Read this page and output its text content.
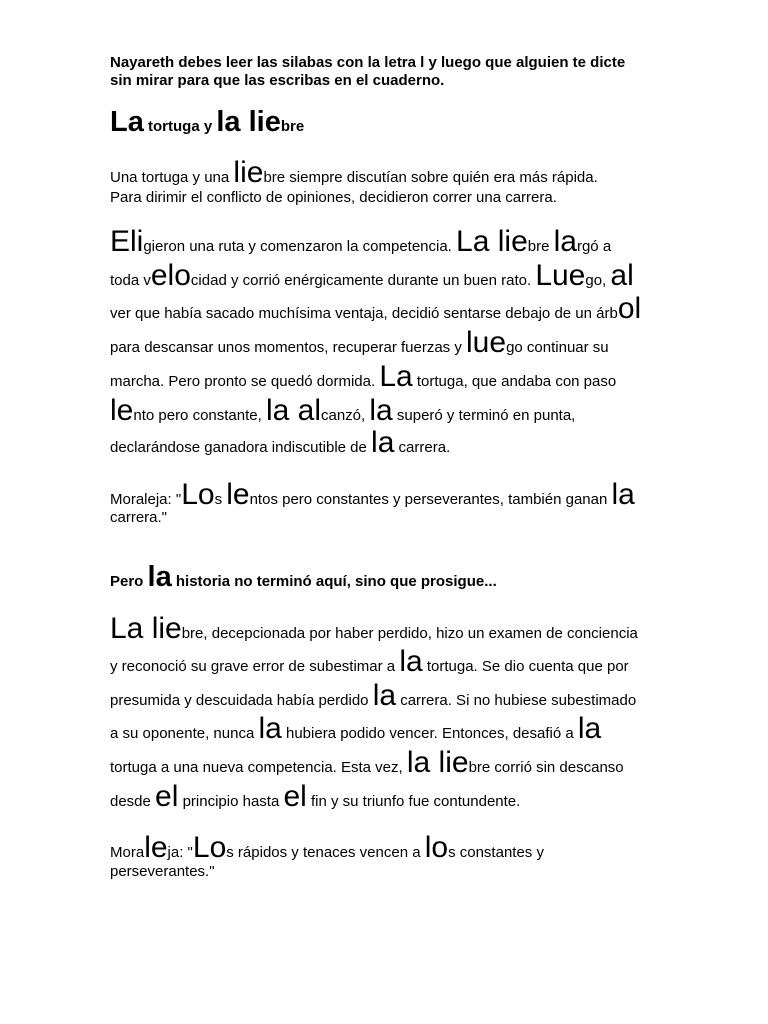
Nayareth debes leer las silabas con la letra l y luego que alguien te dicte
sin mirar para que las escribas en el cuaderno.
La tortuga y la liebre
Una tortuga y una liebre siempre discutían sobre quién era más rápida.
Para dirimir el conflicto de opiniones, decidieron correr una carrera.
Eligieron una ruta y comenzaron la competencia. La liebre largó a
toda velocidad y corrió enérgicamente durante un buen rato. Luego, al
ver que había sacado muchísima ventaja, decidió sentarse debajo de un árbol
para descansar unos momentos, recuperar fuerzas y luego continuar su
marcha. Pero pronto se quedó dormida. La tortuga, que andaba con paso
lento pero constante, la alcanzó, la superó y terminó en punta,
declarándose ganadora indiscutible de la carrera.
Moraleja: "Los lentos pero constantes y perseverantes, también ganan la
carrera."
Pero la historia no terminó aquí, sino que prosigue...
La liebre, decepcionada por haber perdido, hizo un examen de conciencia
y reconoció su grave error de subestimar a la tortuga. Se dio cuenta que por
presumida y descuidada había perdido la carrera. Si no hubiese subestimado
a su oponente, nunca la hubiera podido vencer. Entonces, desafió a la
tortuga a una nueva competencia. Esta vez, la liebre corrió sin descanso
desde el principio hasta el fin y su triunfo fue contundente.
Moraleja: "Los rápidos y tenaces vencen a los constantes y
perseverantes."
